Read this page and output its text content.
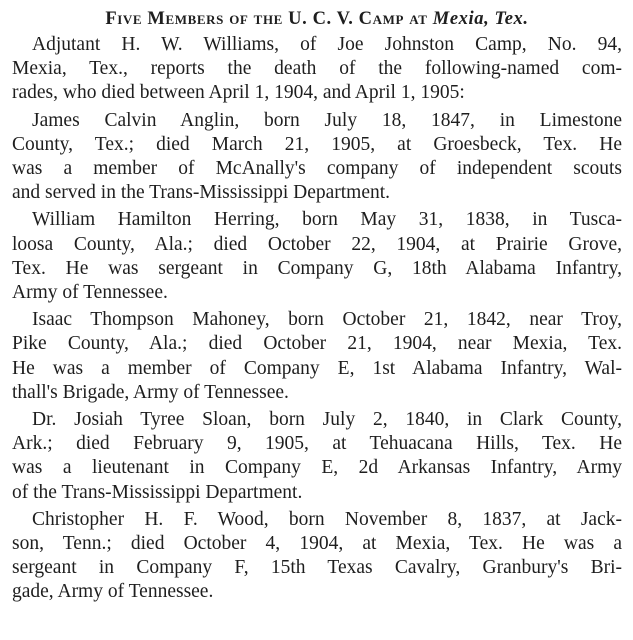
Five Members of the U. C. V. Camp at Mexia, Tex.
Adjutant H. W. Williams, of Joe Johnston Camp, No. 94,
Mexia, Tex., reports the death of the following-named com-
rades, who died between April 1, 1904, and April 1, 1905:
James Calvin Anglin, born July 18, 1847, in Limestone
County, Tex.; died March 21, 1905, at Groesbeck, Tex. He
was a member of McAnally's company of independent scouts
and served in the Trans-Mississippi Department.
William Hamilton Herring, born May 31, 1838, in Tusca-
loosa County, Ala.; died October 22, 1904, at Prairie Grove,
Tex. He was sergeant in Company G, 18th Alabama Infantry,
Army of Tennessee.
Isaac Thompson Mahoney, born October 21, 1842, near Troy,
Pike County, Ala.; died October 21, 1904, near Mexia, Tex.
He was a member of Company E, 1st Alabama Infantry, Wal-
thall's Brigade, Army of Tennessee.
Dr. Josiah Tyree Sloan, born July 2, 1840, in Clark County,
Ark.; died February 9, 1905, at Tehuacana Hills, Tex. He
was a lieutenant in Company E, 2d Arkansas Infantry, Army
of the Trans-Mississippi Department.
Christopher H. F. Wood, born November 8, 1837, at Jack-
son, Tenn.; died October 4, 1904, at Mexia, Tex. He was a
sergeant in Company F, 15th Texas Cavalry, Granbury's Bri-
gade, Army of Tennessee.
